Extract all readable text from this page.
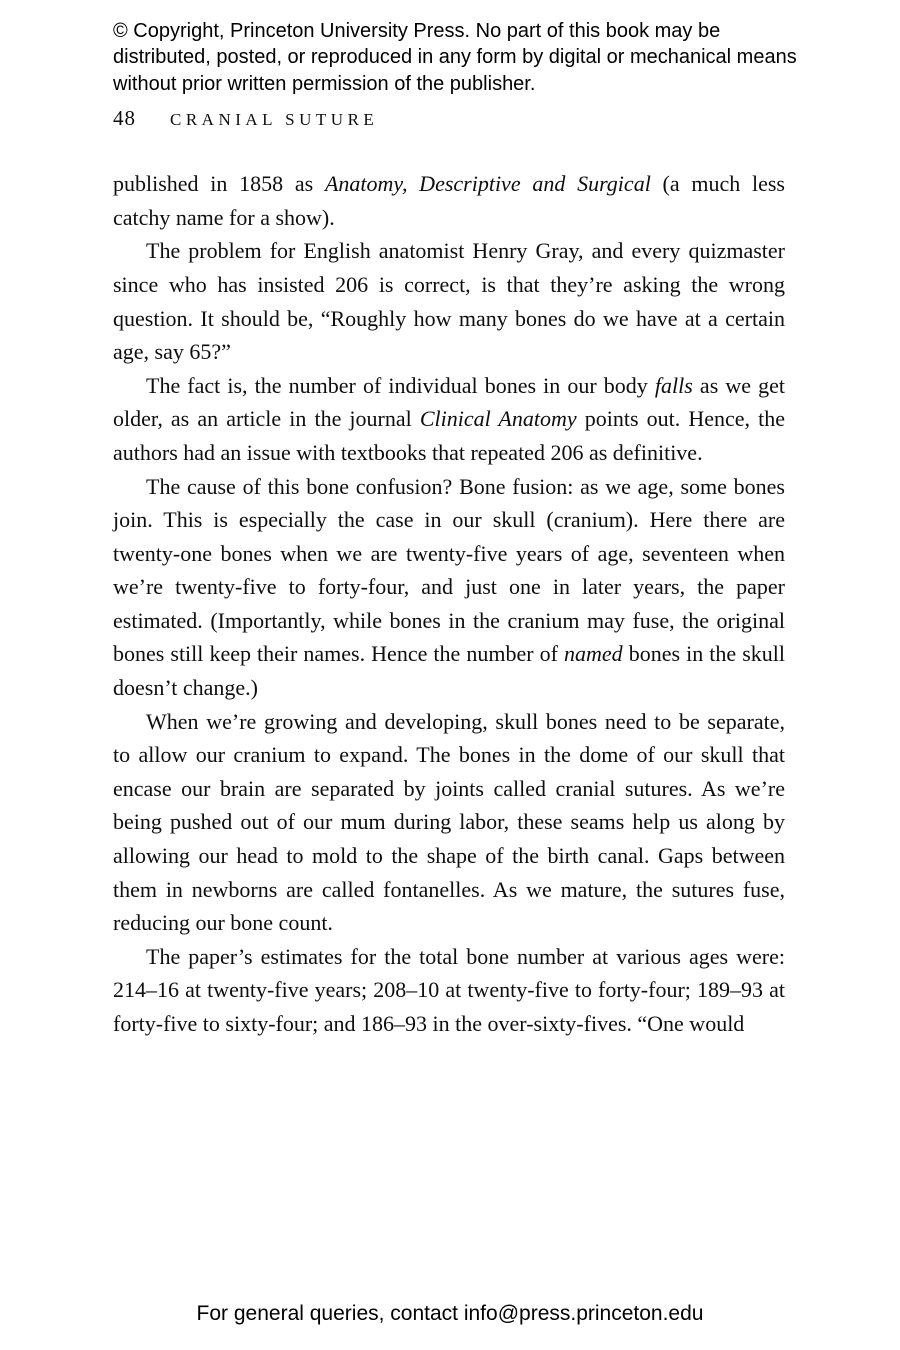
© Copyright, Princeton University Press. No part of this book may be distributed, posted, or reproduced in any form by digital or mechanical means without prior written permission of the publisher.

48 CRANIAL SUTURE

published in 1858 as Anatomy, Descriptive and Surgical (a much less catchy name for a show).

The problem for English anatomist Henry Gray, and every quizmaster since who has insisted 206 is correct, is that they’re asking the wrong question. It should be, “Roughly how many bones do we have at a certain age, say 65?”

The fact is, the number of individual bones in our body falls as we get older, as an article in the journal Clinical Anatomy points out. Hence, the authors had an issue with textbooks that repeated 206 as definitive.

The cause of this bone confusion? Bone fusion: as we age, some bones join. This is especially the case in our skull (cranium). Here there are twenty-one bones when we are twenty-five years of age, seventeen when we’re twenty-five to forty-four, and just one in later years, the paper estimated. (Importantly, while bones in the cranium may fuse, the original bones still keep their names. Hence the number of named bones in the skull doesn’t change.)

When we’re growing and developing, skull bones need to be separate, to allow our cranium to expand. The bones in the dome of our skull that encase our brain are separated by joints called cranial sutures. As we’re being pushed out of our mum during labor, these seams help us along by allowing our head to mold to the shape of the birth canal. Gaps between them in newborns are called fontanelles. As we mature, the sutures fuse, reducing our bone count.

The paper’s estimates for the total bone number at various ages were: 214–16 at twenty-five years; 208–10 at twenty-five to forty-four; 189–93 at forty-five to sixty-four; and 186–93 in the over-sixty-fives. “One would

For general queries, contact info@press.princeton.edu
